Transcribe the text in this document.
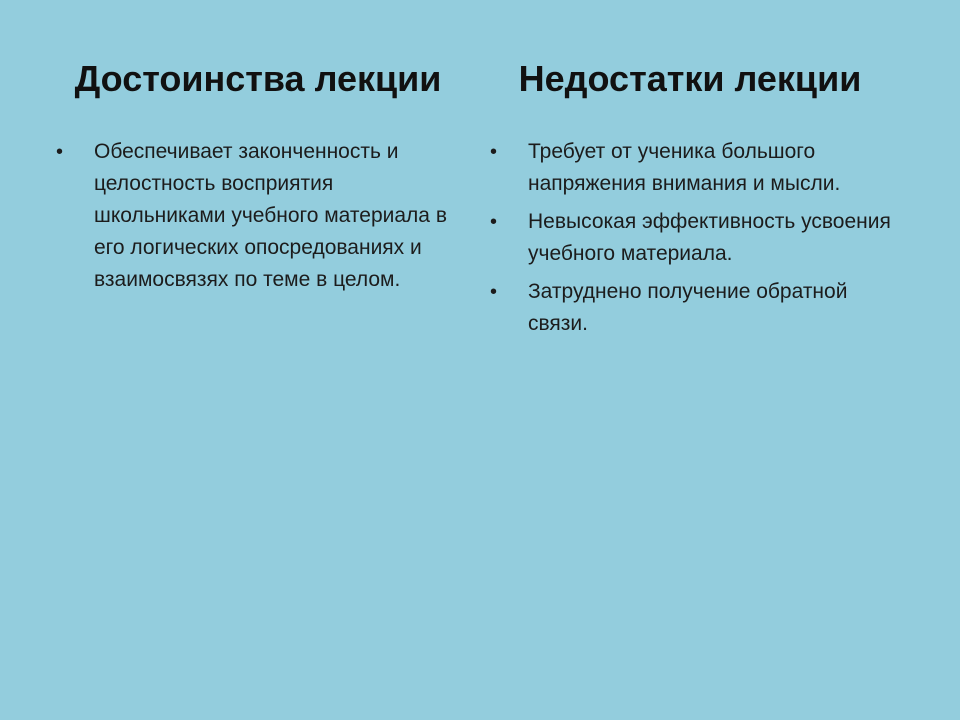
Достоинства лекции
• Обеспечивает законченность и целостность восприятия школьниками учебного материала в его логических опосредованиях и взаимосвязях по теме в целом.
Недостатки лекции
• Требует от ученика большого напряжения внимания и мысли.
• Невысокая эффективность усвоения учебного материала.
• Затруднено получение обратной связи.
